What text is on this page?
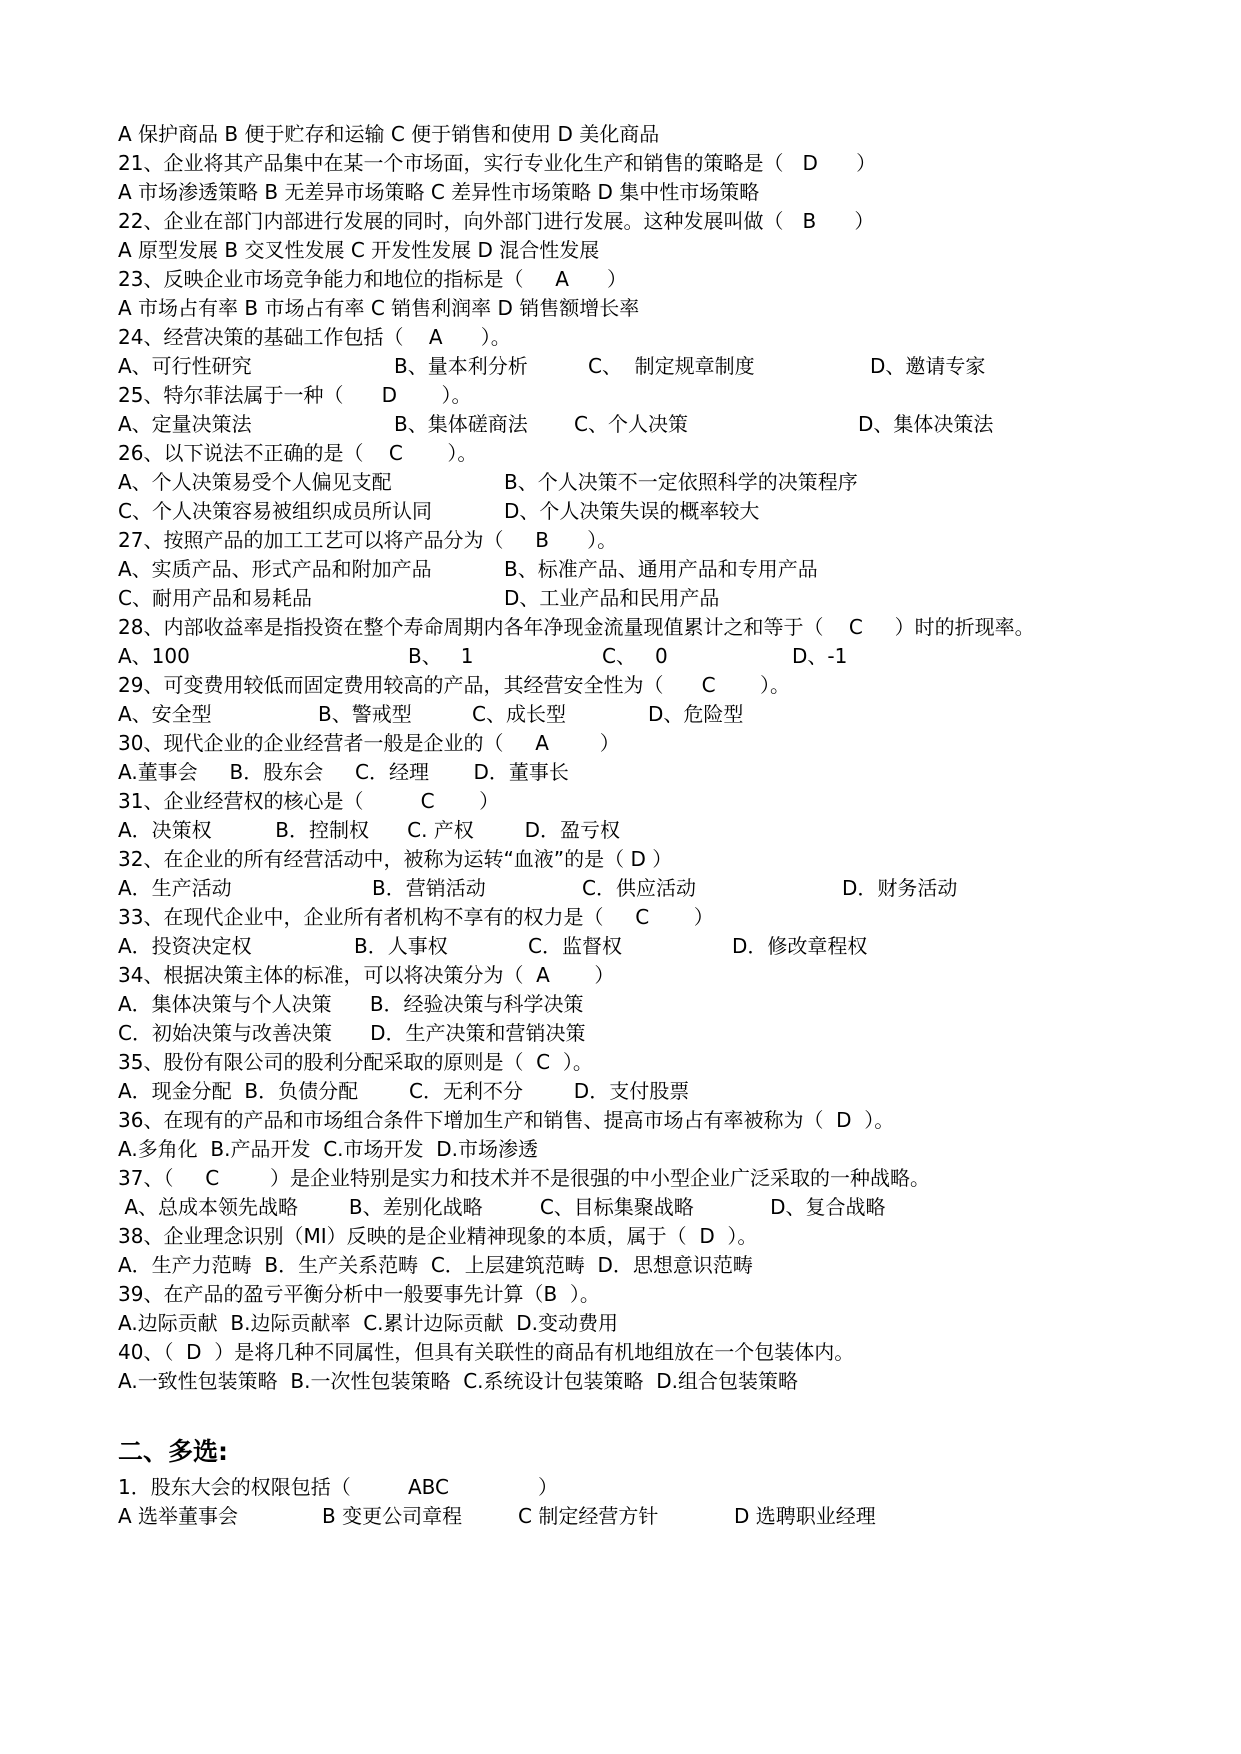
A 保护商品 B 便于贮存和运输 C 便于销售和使用 D 美化商品
21、企业将其产品集中在某一个市场面，实行专业化生产和销售的策略是（   D      ）
A 市场渗透策略 B 无差异市场策略 C 差异性市场策略 D 集中性市场策略
22、企业在部门内部进行发展的同时，向外部门进行发展。这种发展叫做（   B      ）
A 原型发展 B 交叉性发展 C 开发性发展 D 混合性发展
23、反映企业市场竞争能力和地位的指标是（     A      ）
A 市场占有率 B 市场占有率 C 销售利润率 D 销售额增长率
24、经营决策的基础工作包括（    A      ）。

A、可行性研究

	B、量本利分析

	C、  制定规章制度

	D、邀请专家

25、特尔菲法属于一种（      D       ）。

A、定量决策法

	B、集体磋商法

C、个人决策

	D、集体决策法

26、以下说法不正确的是（    C       ）。

A、个人决策易受个人偏见支配

	B、个人决策不一定依照科学的决策程序

C、个人决策容易被组织成员所认同

	D、个人决策失误的概率较大

27、按照产品的加工工艺可以将产品分为（     B      ）。

A、实质产品、形式产品和附加产品

	B、标准产品、通用产品和专用产品

C、耐用产品和易耗品

	D、工业产品和民用产品

28、内部收益率是指投资在整个寿命周期内各年净现金流量现值累计之和等于（    C     ）时的折现率。

A、100

	B、   1

	C、   0

	D、-1

29、可变费用较低而固定费用较高的产品，其经营安全性为（      C       ）。

A、安全型

	B、警戒型

	C、成长型

	D、危险型

30、现代企业的企业经营者一般是企业的（     A        ）
A.董事会     B．股东会     C．经理       D．董事长
31、企业经营权的核心是（         C       ）
A．决策权          B．控制权      C. 产权        D．盈亏权
32、在企业的所有经营活动中，被称为运转“血液”的是（ D ）

A．生产活动

	B．营销活动

	C．供应活动

	D．财务活动

33、在现代企业中，企业所有者机构不享有的权力是（     C       ）

A．投资决定权

	B．人事权

	C．监督权

	D．修改章程权

34、根据决策主体的标准，可以将决策分为（  A       ）
A．集体决策与个人决策      B．经验决策与科学决策
C．初始决策与改善决策      D．生产决策和营销决策
35、股份有限公司的股利分配采取的原则是（  C  ）。
A．现金分配  B．负债分配        C．无利不分        D．支付股票
36、在现有的产品和市场组合条件下增加生产和销售、提高市场占有率被称为（  D  ）。
A.多角化  B.产品开发  C.市场开发  D.市场渗透
37、（     C        ）是企业特别是实力和技术并不是很强的中小型企业广泛采取的一种战略。
A、总成本领先战略        B、差别化战略         C、目标集聚战略            D、复合战略
38、企业理念识别（MI）反映的是企业精神现象的本质，属于（  D  ）。
A．生产力范畴  B．生产关系范畴  C．上层建筑范畴  D．思想意识范畴
39、在产品的盈亏平衡分析中一般要事先计算（B  ）。
A.边际贡献  B.边际贡献率  C.累计边际贡献  D.变动费用
40、（  D  ）是将几种不同属性，但具有关联性的商品有机地组放在一个包装体内。
A.一致性包装策略  B.一次性包装策略  C.系统设计包装策略  D.组合包装策略
二、多选:
1．股东大会的权限包括（         ABC              ）

A 选举董事会

	B 变更公司章程

	C 制定经营方针

	D 选聘职业经理
